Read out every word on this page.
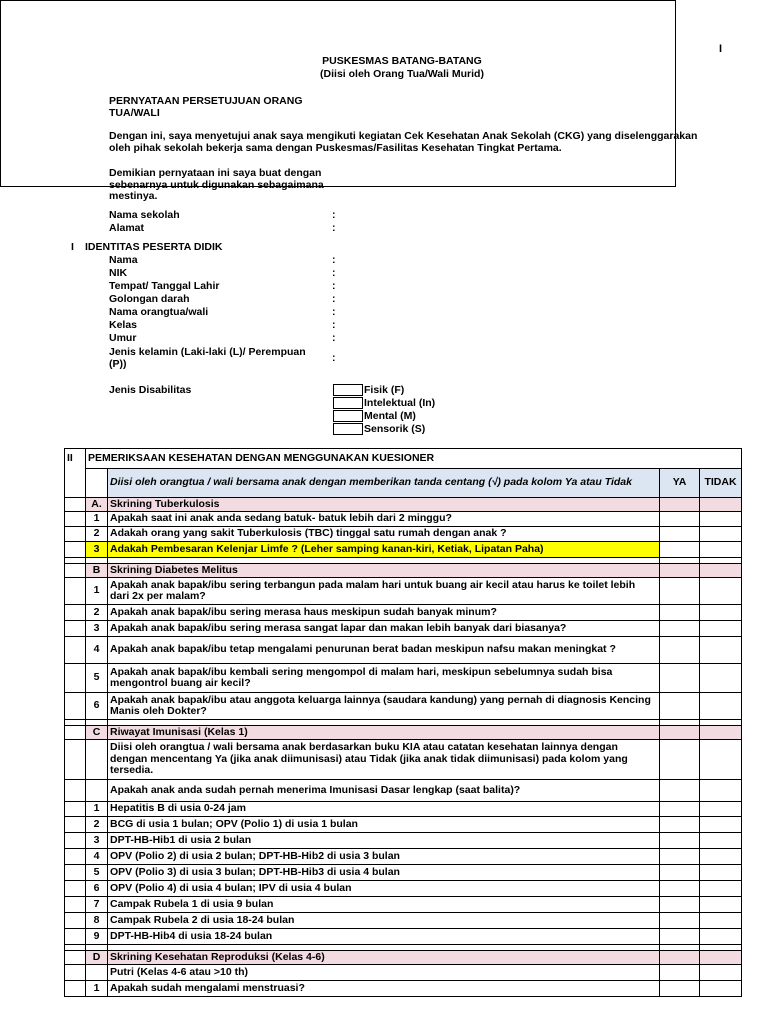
I
PUSKESMAS BATANG-BATANG
(Diisi oleh Orang Tua/Wali Murid)
PERNYATAAN PERSETUJUAN ORANG
TUA/WALI
Dengan ini, saya menyetujui anak saya mengikuti kegiatan Cek Kesehatan Anak Sekolah (CKG) yang diselenggarakan
oleh pihak sekolah bekerja sama dengan Puskesmas/Fasilitas Kesehatan Tingkat Pertama.
Demikian pernyataan ini saya buat dengan
sebenarnya untuk digunakan sebagaimana
mestinya.
Nama sekolah	:
Alamat	:
I IDENTITAS PESERTA DIDIK
Nama	:
NIK	:
Tempat/ Tanggal Lahir	:
Golongan darah	:
Nama orangtua/wali	:
Kelas	:
Umur	:
Jenis kelamin (Laki-laki (L)/ Perempuan
(P))	:
Jenis Disabilitas	Fisik (F)
Intelektual (In)
Mental (M)
Sensorik (S)
II	PEMERIKSAAN KESEHATAN DENGAN MENGGUNAKAN KUESIONER			
		Diisi oleh orangtua / wali bersama anak dengan memberikan tanda centang (√) pada kolom Ya atau Tidak	YA	TIDAK
	A.	Skrining Tuberkulosis		
	1	Apakah saat ini anak anda sedang batuk- batuk lebih dari 2 minggu?		
	2	Adakah orang yang sakit Tuberkulosis (TBC) tinggal satu rumah dengan anak ?		
	3	Adakah Pembesaran Kelenjar Limfe ? (Leher samping kanan-kiri, Ketiak, Lipatan Paha)		

	B	Skrining Diabetes Melitus		
	1	Apakah anak bapak/ibu sering terbangun pada malam hari untuk buang air kecil atau harus ke toilet lebih dari 2x per malam?		
	2	Apakah anak bapak/ibu sering merasa haus meskipun sudah banyak minum?		
	3	Apakah anak bapak/ibu sering merasa sangat lapar dan makan lebih banyak dari biasanya?		
	4	Apakah anak bapak/ibu tetap mengalami penurunan berat badan meskipun nafsu makan meningkat ?		
	5	Apakah anak bapak/ibu kembali sering mengompol di malam hari, meskipun sebelumnya sudah bisa mengontrol buang air kecil?		
	6	Apakah anak bapak/ibu atau anggota keluarga lainnya (saudara kandung) yang pernah di diagnosis Kencing Manis oleh Dokter?		

	C	Riwayat Imunisasi (Kelas 1)		
		Diisi oleh orangtua / wali bersama anak berdasarkan buku KIA atau catatan kesehatan lainnya dengan dengan mencentang Ya (jika anak diimunisasi) atau Tidak (jika anak tidak diimunisasi) pada kolom yang tersedia.		
		Apakah anak anda sudah pernah menerima Imunisasi Dasar lengkap (saat balita)?		
	1	Hepatitis B di usia 0-24 jam		
	2	BCG di usia 1 bulan; OPV (Polio 1) di usia 1 bulan		
	3	DPT-HB-Hib1 di usia 2 bulan		
	4	OPV (Polio 2) di usia 2 bulan; DPT-HB-Hib2 di usia 3 bulan		
	5	OPV (Polio 3) di usia 3 bulan; DPT-HB-Hib3 di usia 4 bulan		
	6	OPV (Polio 4) di usia 4 bulan; IPV di usia 4 bulan		
	7	Campak Rubela 1 di usia 9 bulan		
	8	Campak Rubela 2 di usia 18-24 bulan		
	9	DPT-HB-Hib4 di usia 18-24 bulan		

	D	Skrining Kesehatan Reproduksi (Kelas 4-6)		
		Putri (Kelas 4-6 atau >10 th)		
	1	Apakah sudah mengalami menstruasi?		
